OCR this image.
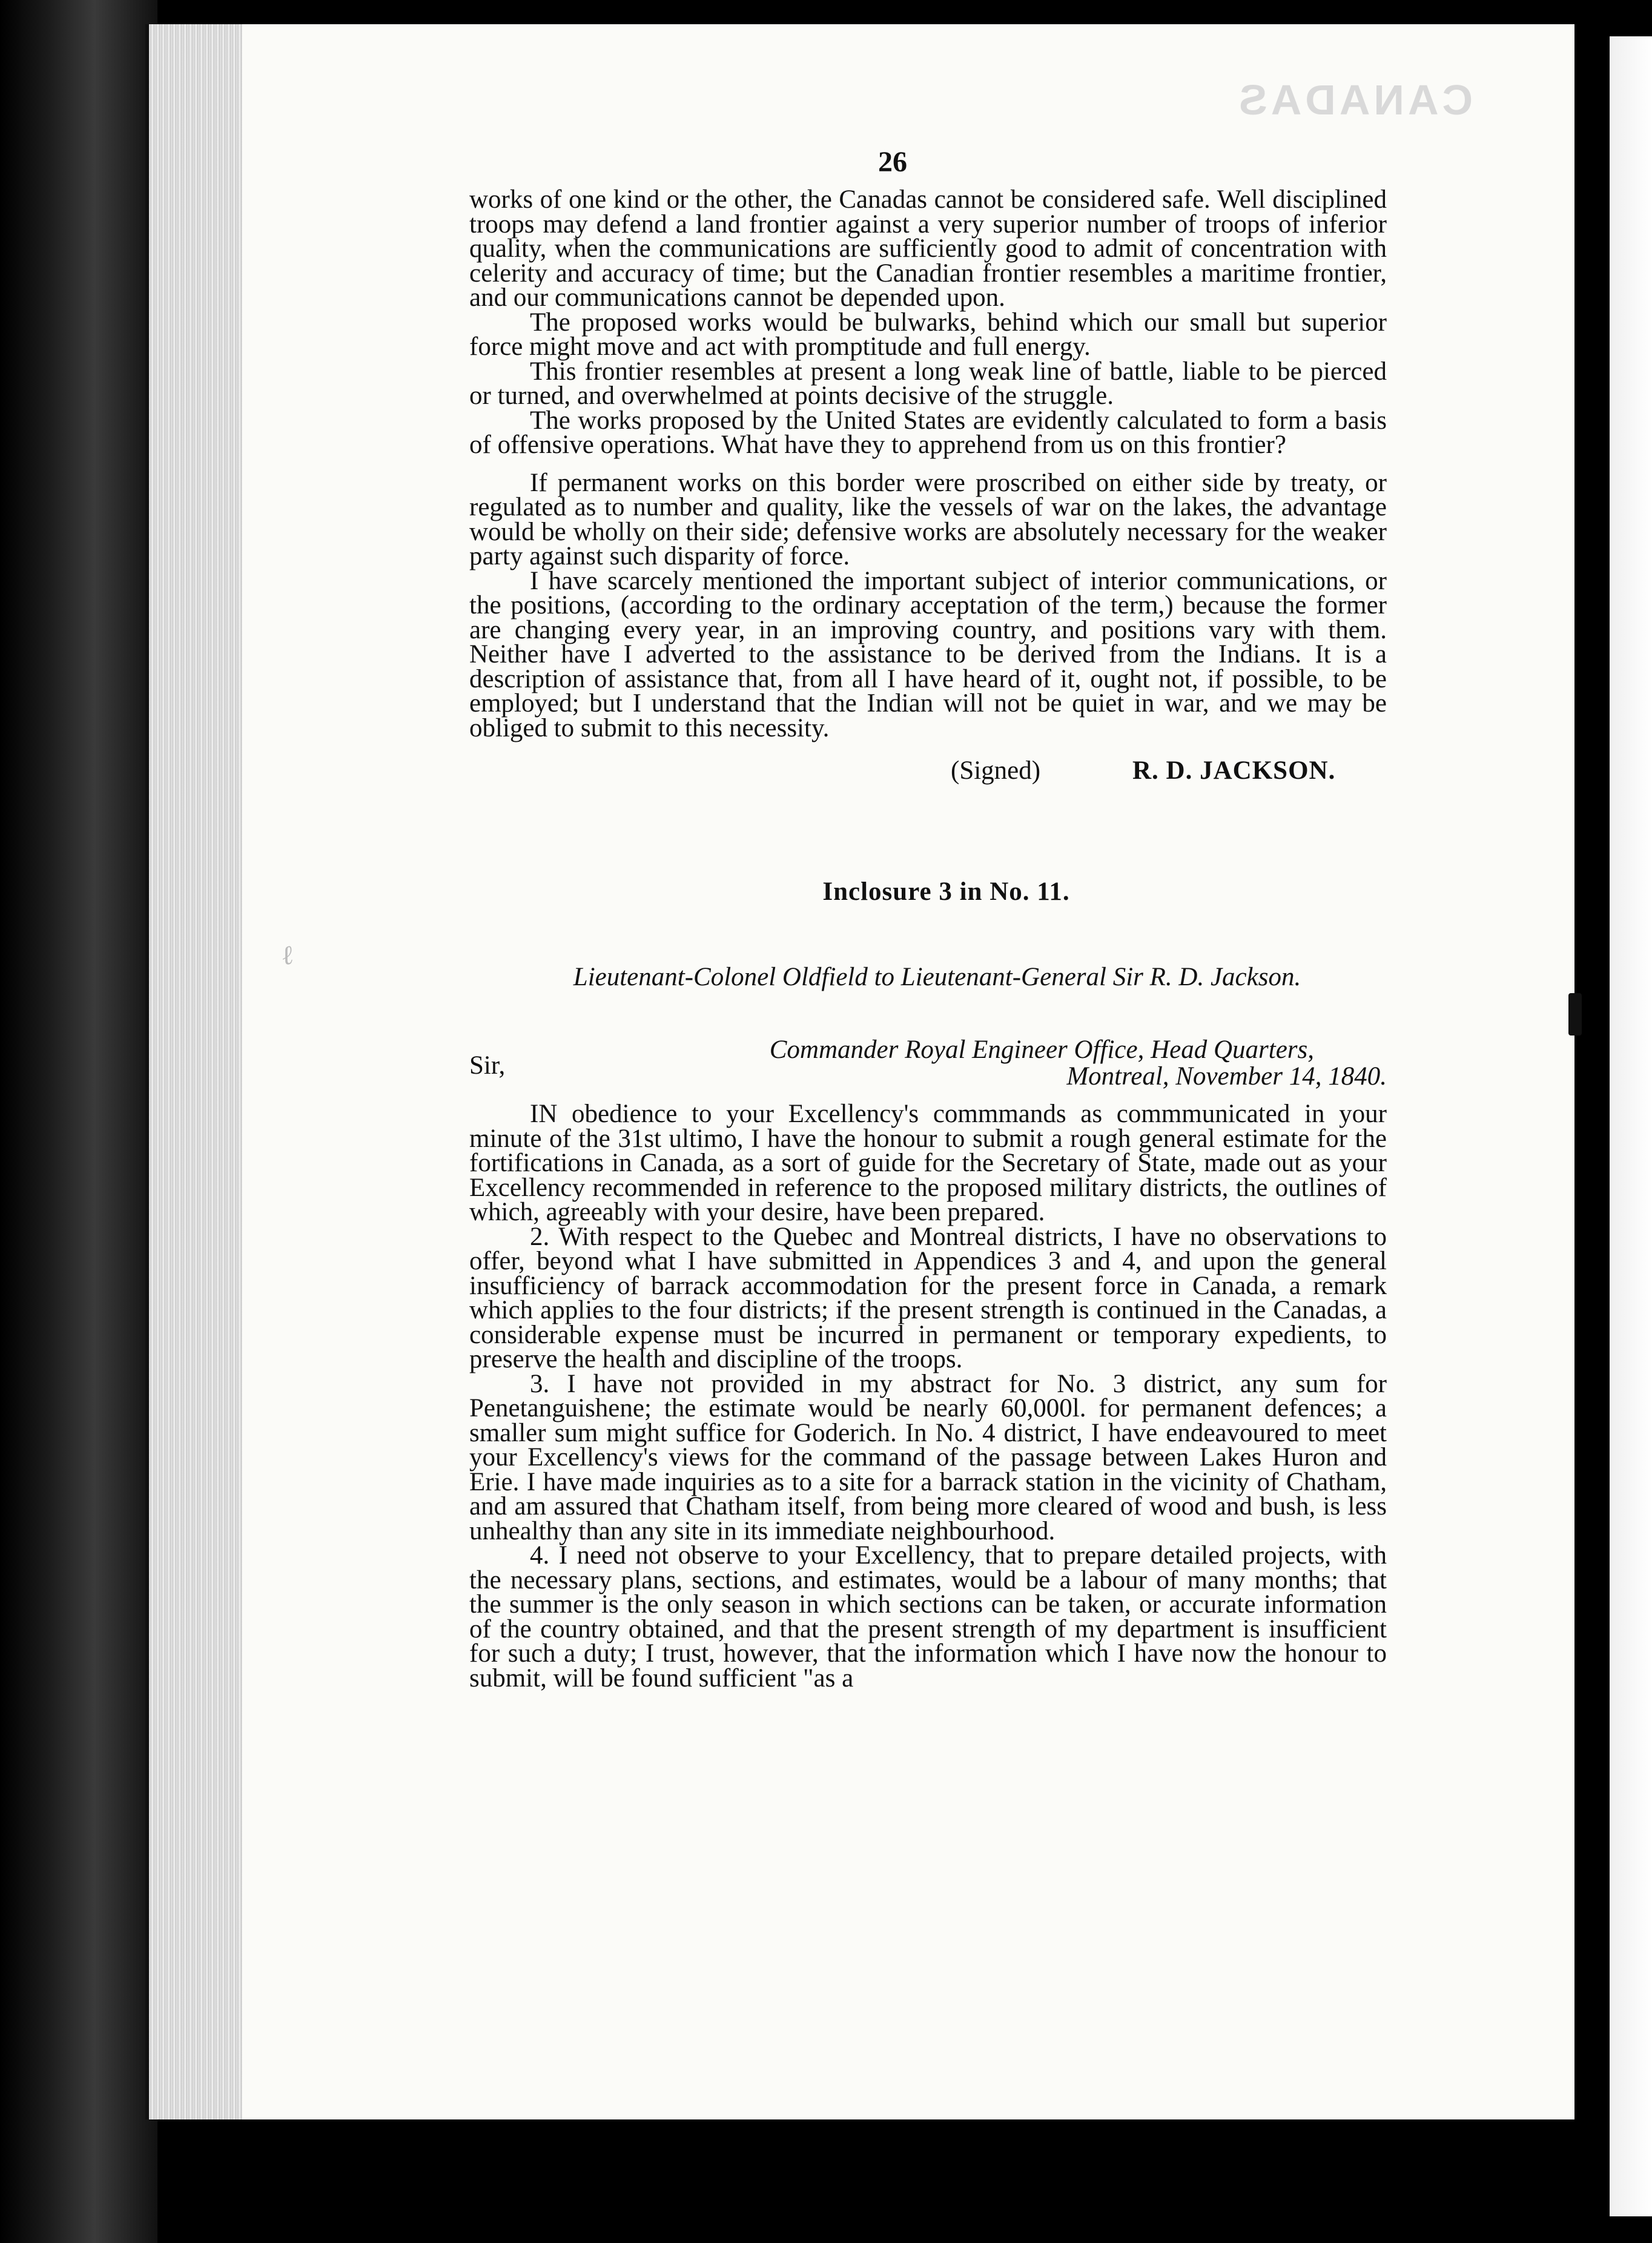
CANADAS
ℓ
26

works of one kind or the other, the Canadas cannot be considered safe. Well disciplined troops may defend a land frontier against a very superior number of troops of inferior quality, when the communications are sufficiently good to admit of concentration with celerity and accuracy of time; but the Canadian frontier resembles a maritime frontier, and our communications cannot be depended upon.

The proposed works would be bulwarks, behind which our small but superior force might move and act with promptitude and full energy.

This frontier resembles at present a long weak line of battle, liable to be pierced or turned, and overwhelmed at points decisive of the struggle.

The works proposed by the United States are evidently calculated to form a basis of offensive operations. What have they to apprehend from us on this frontier?

If permanent works on this border were proscribed on either side by treaty, or regulated as to number and quality, like the vessels of war on the lakes, the advantage would be wholly on their side; defensive works are absolutely necessary for the weaker party against such disparity of force.

I have scarcely mentioned the important subject of interior communications, or the positions, (according to the ordinary acceptation of the term,) because the former are changing every year, in an improving country, and positions vary with them. Neither have I adverted to the assistance to be derived from the Indians. It is a description of assistance that, from all I have heard of it, ought not, if possible, to be employed; but I understand that the Indian will not be quiet in war, and we may be obliged to submit to this necessity.

(Signed)	R. D. JACKSON.
Inclosure 3 in No. 11.
Lieutenant-Colonel Oldfield to Lieutenant-General Sir R. D. Jackson.
Commander Royal Engineer Office, Head Quarters,
Sir,	Montreal, November 14, 1840.

IN obedience to your Excellency's commmands as commmunicated in your minute of the 31st ultimo, I have the honour to submit a rough general estimate for the fortifications in Canada, as a sort of guide for the Secretary of State, made out as your Excellency recommended in reference to the proposed military districts, the outlines of which, agreeably with your desire, have been prepared.

2. With respect to the Quebec and Montreal districts, I have no observations to offer, beyond what I have submitted in Appendices 3 and 4, and upon the general insufficiency of barrack accommodation for the present force in Canada, a remark which applies to the four districts; if the present strength is continued in the Canadas, a considerable expense must be incurred in permanent or temporary expedients, to preserve the health and discipline of the troops.

3. I have not provided in my abstract for No. 3 district, any sum for Penetanguishene; the estimate would be nearly 60,000l. for permanent defences; a smaller sum might suffice for Goderich. In No. 4 district, I have endeavoured to meet your Excellency's views for the command of the passage between Lakes Huron and Erie. I have made inquiries as to a site for a barrack station in the vicinity of Chatham, and am assured that Chatham itself, from being more cleared of wood and bush, is less unhealthy than any site in its immediate neighbourhood.

4. I need not observe to your Excellency, that to prepare detailed projects, with the necessary plans, sections, and estimates, would be a labour of many months; that the summer is the only season in which sections can be taken, or accurate information of the country obtained, and that the present strength of my department is insufficient for such a duty; I trust, however, that the information which I have now the honour to submit, will be found sufficient "as a
